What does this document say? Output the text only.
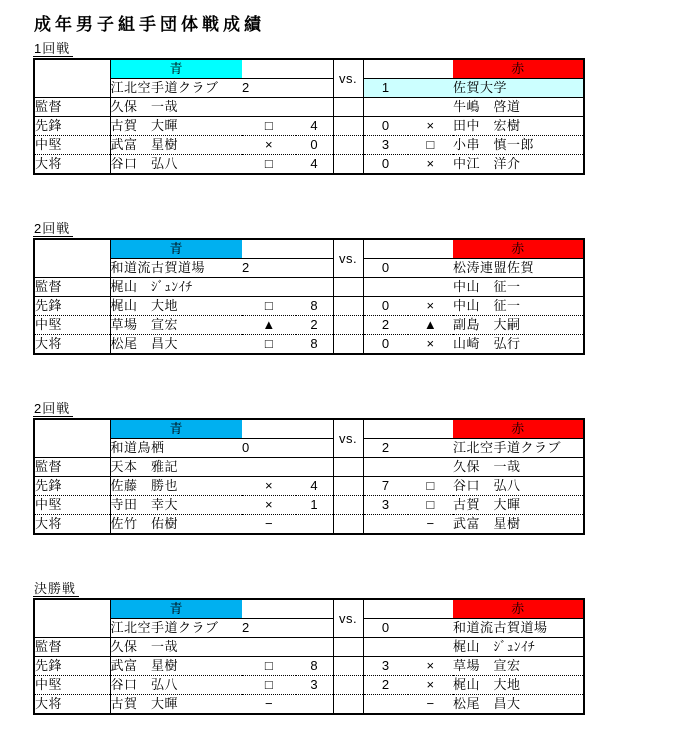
成年男子組手団体戦成績
1回戦
	青			vs.			赤
	江北空手道クラブ	2			1		佐賀大学
監督	久保　一哉						牛嶋　啓道
先鋒	古賀　大暉	□	4		0	×	田中　宏樹
中堅	武富　星樹	×	0		3	□	小串　慎一郎
大将	谷口　弘八	□	4		0	×	中江　洋介
2回戦
	青			vs.			赤
	和道流古賀道場	2			0		松涛連盟佐賀
監督	梶山　ｼﾞｭﾝｲﾁ						中山　征一
先鋒	梶山　大地	□	8		0	×	中山　征一
中堅	草場　宣宏	▲	2		2	▲	副島　大嗣
大将	松尾　昌大	□	8		0	×	山崎　弘行
2回戦
	青			vs.			赤
	和道鳥栖	0			2		江北空手道クラブ
監督	天本　雅記						久保　一哉
先鋒	佐藤　勝也	×	4		7	□	谷口　弘八
中堅	寺田　幸大	×	1		3	□	古賀　大暉
大将	佐竹　佑樹	−				−	武富　星樹
決勝戦
	青			vs.			赤
	江北空手道クラブ	2			0		和道流古賀道場
監督	久保　一哉						梶山　ｼﾞｭﾝｲﾁ
先鋒	武富　星樹	□	8		3	×	草場　宣宏
中堅	谷口　弘八	□	3		2	×	梶山　大地
大将	古賀　大暉	−				−	松尾　昌大
